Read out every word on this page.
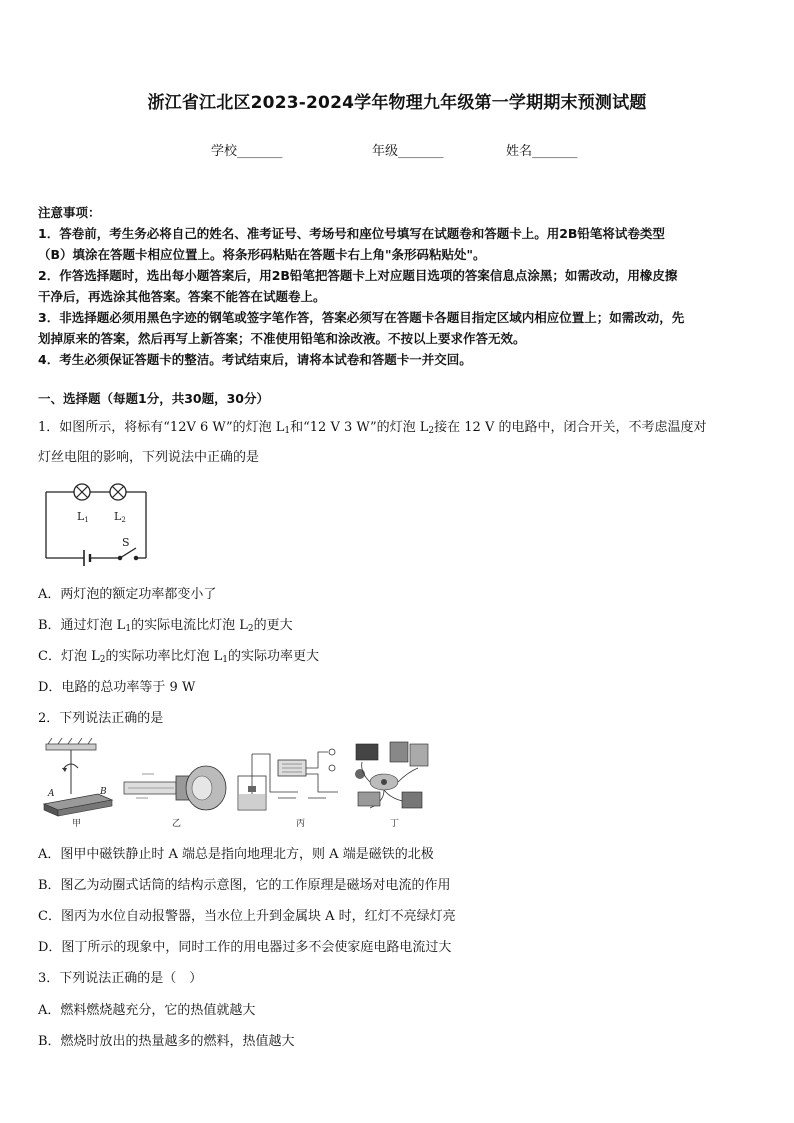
浙江省江北区2023-2024学年物理九年级第一学期期末预测试题
学校_______	年级_______	姓名_______
注意事项：
1．答卷前，考生务必将自己的姓名、准考证号、考场号和座位号填写在试题卷和答题卡上。用2B铅笔将试卷类型
（B）填涂在答题卡相应位置上。将条形码粘贴在答题卡右上角"条形码粘贴处"。
2．作答选择题时，选出每小题答案后，用2B铅笔把答题卡上对应题目选项的答案信息点涂黑；如需改动，用橡皮擦
干净后，再选涂其他答案。答案不能答在试题卷上。
3．非选择题必须用黑色字迹的钢笔或签字笔作答，答案必须写在答题卡各题目指定区域内相应位置上；如需改动，先
划掉原来的答案，然后再写上新答案；不准使用铅笔和涂改液。不按以上要求作答无效。
4．考生必须保证答题卡的整洁。考试结束后，请将本试卷和答题卡一并交回。
一、选择题（每题1分，共30题，30分）
1．如图所示，将标有“12V 6 W”的灯泡 $L_1$和“12 V 3 W”的灯泡 $L_2$接在 12 V 的电路中，闭合开关，不考虑温度对
灯丝电阻的影响，下列说法中正确的是
L1 L2
S
A．两灯泡的额定功率都变小了
B．通过灯泡 $L_1$的实际电流比灯泡 $L_2$的更大
C．灯泡 $L_2$的实际功率比灯泡 $L_1$的实际功率更大
D．电路的总功率等于 9 W
2．下列说法正确的是
A	B
甲	乙	丙	丁
A．图甲中磁铁静止时 A 端总是指向地理北方，则 A 端是磁铁的北极
B．图乙为动圈式话筒的结构示意图，它的工作原理是磁场对电流的作用
C．图丙为水位自动报警器，当水位上升到金属块 A 时，红灯不亮绿灯亮
D．图丁所示的现象中，同时工作的用电器过多不会使家庭电路电流过大
3．下列说法正确的是（　）
A．燃料燃烧越充分，它的热值就越大
B．燃烧时放出的热量越多的燃料，热值越大
